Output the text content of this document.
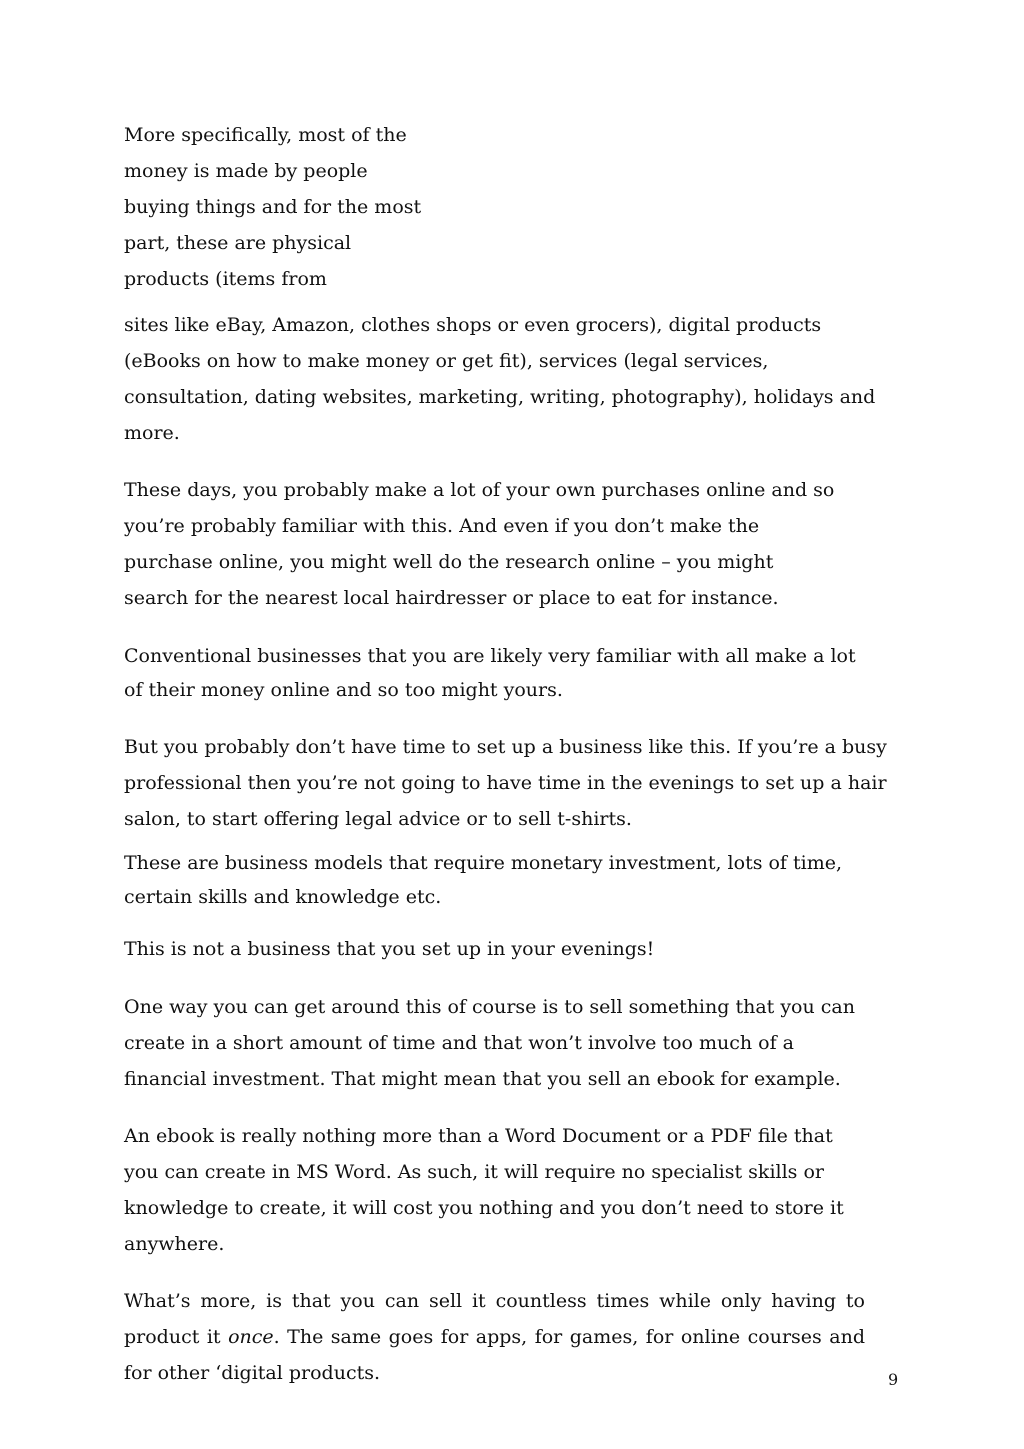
More specifically, most of the
money is made by people
buying things and for the most
part, these are physical
products (items from

sites like eBay, Amazon, clothes shops or even grocers), digital products
(eBooks on how to make money or get fit), services (legal services,
consultation, dating websites, marketing, writing, photography), holidays and
more.

These days, you probably make a lot of your own purchases online and so
you’re probably familiar with this. And even if you don’t make the
purchase online, you might well do the research online – you might
search for the nearest local hairdresser or place to eat for instance.

Conventional businesses that you are likely very familiar with all make a lot
of their money online and so too might yours.

But you probably don’t have time to set up a business like this. If you’re a busy
professional then you’re not going to have time in the evenings to set up a hair
salon, to start offering legal advice or to sell t-shirts.

These are business models that require monetary investment, lots of time,
certain skills and knowledge etc.

This is not a business that you set up in your evenings!

One way you can get around this of course is to sell something that you can
create in a short amount of time and that won’t involve too much of a
financial investment. That might mean that you sell an ebook for example.

An ebook is really nothing more than a Word Document or a PDF file that
you can create in MS Word. As such, it will require no specialist skills or
knowledge to create, it will cost you nothing and you don’t need to store it
anywhere.

What’s more, is that you can sell it countless times while only having to
product it once. The same goes for apps, for games, for online courses and
for other ‘digital products.	9
